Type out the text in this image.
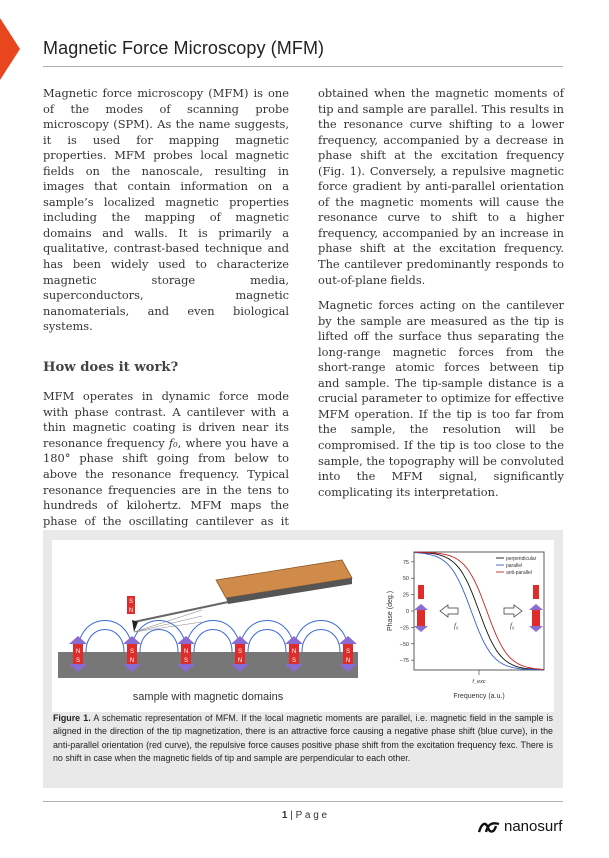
Magnetic Force Microscopy (MFM)

Magnetic force microscopy (MFM) is one of the modes of scanning probe microscopy (SPM). As the name suggests, it is used for mapping magnetic properties. MFM probes local magnetic fields on the nanoscale, resulting in images that contain information on a sample’s localized magnetic properties including the mapping of magnetic domains and walls. It is primarily a qualitative, contrast-based technique and has been widely used to characterize magnetic storage media, superconductors, magnetic nanomaterials, and even biological systems.

How does it work?

MFM operates in dynamic force mode with phase contrast. A cantilever with a thin magnetic coating is driven near its resonance frequency f₀, where you have a 180° phase shift going from below to above the resonance frequency. Typical resonance frequencies are in the tens to hundreds of kilohertz. MFM maps the phase of the oscillating cantilever as it

obtained when the magnetic moments of tip and sample are parallel. This results in the resonance curve shifting to a lower frequency, accompanied by a decrease in phase shift at the excitation frequency (Fig. 1). Conversely, a repulsive magnetic force gradient by anti-parallel orientation of the magnetic moments will cause the resonance curve to shift to a higher frequency, accompanied by an increase in phase shift at the excitation frequency. The cantilever predominantly responds to out-of-plane fields.

Magnetic forces acting on the cantilever by the sample are measured as the tip is lifted off the surface thus separating the long-range magnetic forces from the short-range atomic forces between tip and sample. The tip-sample distance is a crucial parameter to optimize for effective MFM operation. If the tip is too far from the sample, the resolution will be compromised. If the tip is too close to the sample, the topography will be convoluted into the MFM signal, significantly complicating its interpretation.

S
N
N
S
S
N
N
S
S
N
N
S
S
N
sample with magnetic domains
75
50
25
0
−25
−50
−75
Phase (deg.)
Frequency (a.u.)
f_exc
perpendicular
parallel
anti-parallel
f₀	f₀
Figure 1. A schematic representation of MFM. If the local magnetic moments are parallel, i.e. magnetic field in the sample is aligned in the direction of the tip magnetization, there is an attractive force causing a negative phase shift (blue curve), in the anti-parallel orientation (red curve), the repulsive force causes positive phase shift from the excitation frequency fexc. There is no shift in case when the magnetic fields of tip and sample are perpendicular to each other.
1 | P a g e
nanosurf
